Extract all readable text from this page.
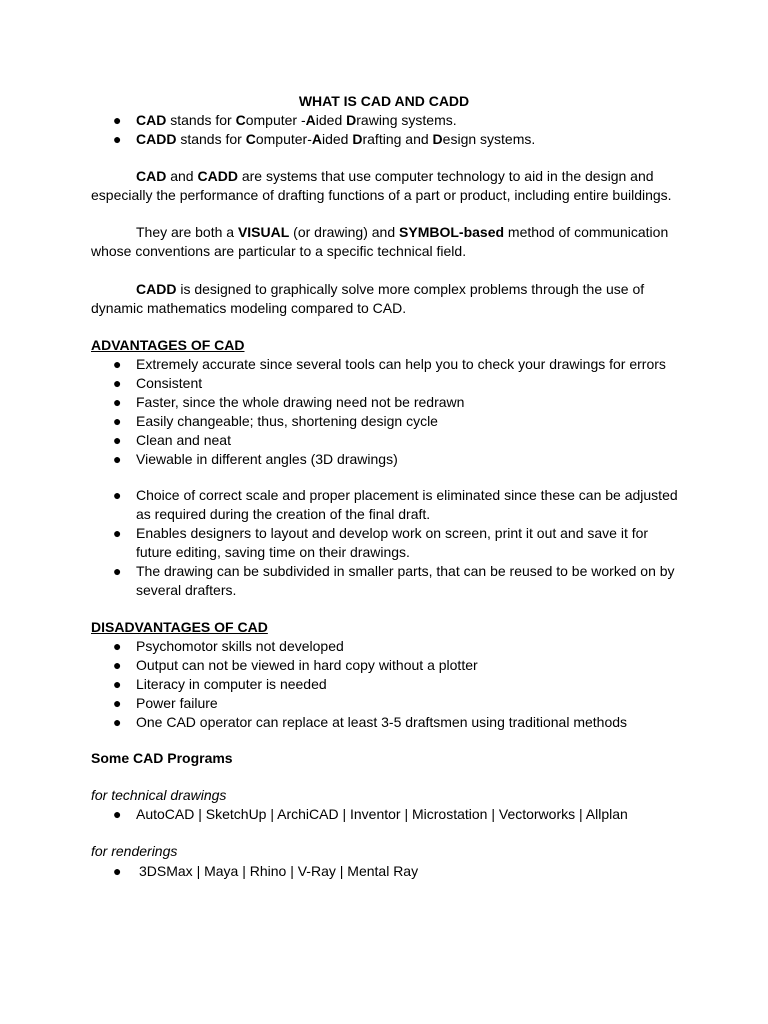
WHAT IS CAD AND CADD
● CAD stands for Computer -Aided Drawing systems.
● CADD stands for Computer-Aided Drafting and Design systems.

CAD and CADD are systems that use computer technology to aid in the design and especially the performance of drafting functions of a part or product, including entire buildings.

They are both a VISUAL (or drawing) and SYMBOL-based method of communication whose conventions are particular to a specific technical field.

CADD is designed to graphically solve more complex problems through the use of dynamic mathematics modeling compared to CAD.

ADVANTAGES OF CAD
● Extremely accurate since several tools can help you to check your drawings for errors
● Consistent
● Faster, since the whole drawing need not be redrawn
● Easily changeable; thus, shortening design cycle
● Clean and neat
● Viewable in different angles (3D drawings)
● Choice of correct scale and proper placement is eliminated since these can be adjusted as required during the creation of the final draft.
● Enables designers to layout and develop work on screen, print it out and save it for future editing, saving time on their drawings.
● The drawing can be subdivided in smaller parts, that can be reused to be worked on by several drafters.
DISADVANTAGES OF CAD
● Psychomotor skills not developed
● Output can not be viewed in hard copy without a plotter
● Literacy in computer is needed
● Power failure
● One CAD operator can replace at least 3-5 draftsmen using traditional methods
Some CAD Programs
for technical drawings
● AutoCAD | SketchUp | ArchiCAD | Inventor | Microstation | Vectorworks | Allplan
for renderings
● 3DSMax | Maya | Rhino | V-Ray | Mental Ray
